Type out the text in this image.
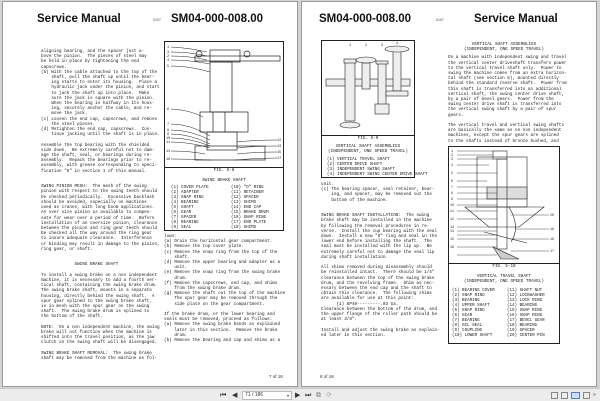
Service Manual	0107 SM04-000-008.00
aligning bearing, and the spacer just a-
bove the pinion.  The pieces of steel may
be held in place by tightening the end
capscrews.
(b) With the cable attached to the top of the
shaft, pull the shaft up until the bear-
ing starts to enter its housing.  Place a
hydraulic jack under the pinion, and start
to jack the shaft up into place.  Make
sure the jack is square with the pinion.
When the bearing is halfway in its hous-
ing, securely anchor the cable, and re-
move the jack.
(c) Loosen the end cap, capscrews, and remove
the steel pieces.
(d) Retighten the end cap, capscrews.  Con-
tinue jacking until the shaft is in place.

Assemble the top bearing with the shielded
side down.  Be extremely careful not to dam-
age the shaft, seal, or bearings during re-
assembly.  Repack the bearings prior to re-
assembly, with grease corresponding to speci-
fication "H" in section 1 of this manual.

SWING PINION MESH:  The mesh of the swing
pinion with respect to the swing teeth should
be checked periodically.  Excessive backlash
should be avoided, especially on machines
used as cranes, with long boom applications.
An over size pinion is available to compen-
sate for wear over a period of time.  Before
installation of an oversize pinion, clearance
between the pinion and ring gear teeth should
be checked all the way around the ring gear
to insure adequate clearance.  Interference
or binding may result in damage to the pinion,
ring gear, or shaft.

SWING BRAKE SHAFT

To install a swing brake on a non independent
machine, it is necessary to add a fourth ver-
tical shaft, containing the swing brake drum.
The swing brake shaft, mounts in a separate
housing, directly behind the swing shaft.  A
spur gear splined to the swing brake shaft,
is in mesh with the spur gear on the swing
shaft.  The swing brake drum is splined to
the bottom of the shaft.

NOTE:  On a non independent machine, the swing
brake will not function when the machine is
shifted into the travel position, as the jaw
clutch on the swing shaft will be disengaged.

SWING BRAKE SHAFT REMOVAL:  The swing brake
shaft may be removed from the machine as fol-
1
3
2
4
5
6
7
8
9
10
11
14
16
12
13
15
17
FIG. 5-8
SWING BRAKE SHAFT
(1) COVER PLATE
(2) ADAPTER
(3) SNAP RING
(4) BEARING
(5) SHAFT
(6) GEAR
(7) SPACER
(8) BEARING
(9) SEAL
(10) "O" RING
(11) RETAINER
(12) SPACER
(13) SHIMS
(14) END CAP
(15) BRAKE DRUM
(16) SNAP RING
(17) END PLATE
(18) SHIMS
lows:
(a) Drain the horizontal gear compartment.
(b) Remove the top cover plate.
(c) Remove the snap ring from the top of the
shaft.
(d) Remove the upper bearing and adapter as a
unit.
(e) Remove the snap ring from the swing brake
drum.
(f) Remove the capscrews, end cap, and shims
from the swing brake drum.
(g) Remove the shaft out the top of the machine
The spur gear may be removed through the
side plate on the gear compartment.

If the brake drum, or the lower bearing and
seals must be removed, proceed as follows:
(a) Remove the swing brake bands as explained
later in this section.  Remove the brake
drum.
(b) Remove the bearing and cap and shims as a
7 of 18
SM04-000-008.00	0107	Service Manual
1	2	3	4
FIG. 5-9
VERTICAL SHAFT ASSEMBLIES
(INDEPENDENT, ONE SPEED TRAVEL)
(1) VERTICAL TRAVEL SHAFT
(2) CENTER DRIVE SHAFT
(3) INDEPENDENT SWING SHAFT
(4) INDEPENDENT SWING CENTER DRIVE SHAFT
unit.
(c) The bearing spacer, seal retainer, bear-
ing, and spacer, may be removed out the
bottom of the machine.

SWING BRAKE SHAFT INSTALLATION:  The swing
brake shaft may be installed in the machine
by following the removal procedures in re-
verse.  Install the cup bearing with the seal
down.  Install a new "O" ring and seal in the
lower end before installing the shaft.  The
seal must be installed with the lip up.  Be
extremely careful not to damage the seal lip
during shaft installation.

All shims removed during disassembly should
be reinstalled intact.  There should be 1/4"
clearance between the top of the swing brake
drum, and the revolving frame.  Shim as nec-
essary between the end cap and the shaft to
obtain this clearance.  The following shims
are available for use at this point:
(1) 8P40---------.03 Ga.
Clearance between the bottom of the drum, and
the upper flange of the roller path should be
at least 3/8".

Install and adjust the swing brake as explain-
ed later in this section.
VERTICAL SHAFT ASSEMBLIES
(INDEPENDENT, ONE SPEED TRAVEL)
On a machine with independent swing and travel
the vertical center driveshaft transfers power
to the vertical travel shaft only.  Power to
swing the machine comes from an extra horizon-
tal shaft (see section 6), mounted directly
behind the standard reverse shaft.  Power from
this shaft is transferred into an additional
vertical shaft, the swing center drive shaft,
by a pair of bevel gears.  Power from the
swing center drive shaft is transferred into
the vertical swing shaft by a pair of spur
gears.

The vertical travel and vertical swing shafts
are basically the same as on non independent
machines, except the spur gears are splined
to the shafts instead of bronze bushed, and
1
2
3
4
5
6
7
8
9
10
11
12
13
14
15
16
20
19
18
17
FIG. 5-10
VERTICAL TRAVEL SHAFT
(INDEPENDENT, ONE SPEED TRAVEL)
(1) BEARING COVER
(2) SNAP RING
(3) BEARING
(4) UPPER SHAFT
(5) SNAP RING
(6) GEAR
(7) BEARING
(8) OIL SEAL
(9) COUPLING
(10) LOWER SHAFT
(11) SHAFT NUT
(12) LOCKWASHER
(13) LOCK RING
(14) BEARING
(15) SNAP RING
(16) SNAP RING
(17) BEVEL GEAR
(18) BEARING
(19) SPACER
(20) CENTER PIN
8 of 18
⏮ ◀	71 / 186	▾ ▶ ⏭ ⧉ ⟳	»
